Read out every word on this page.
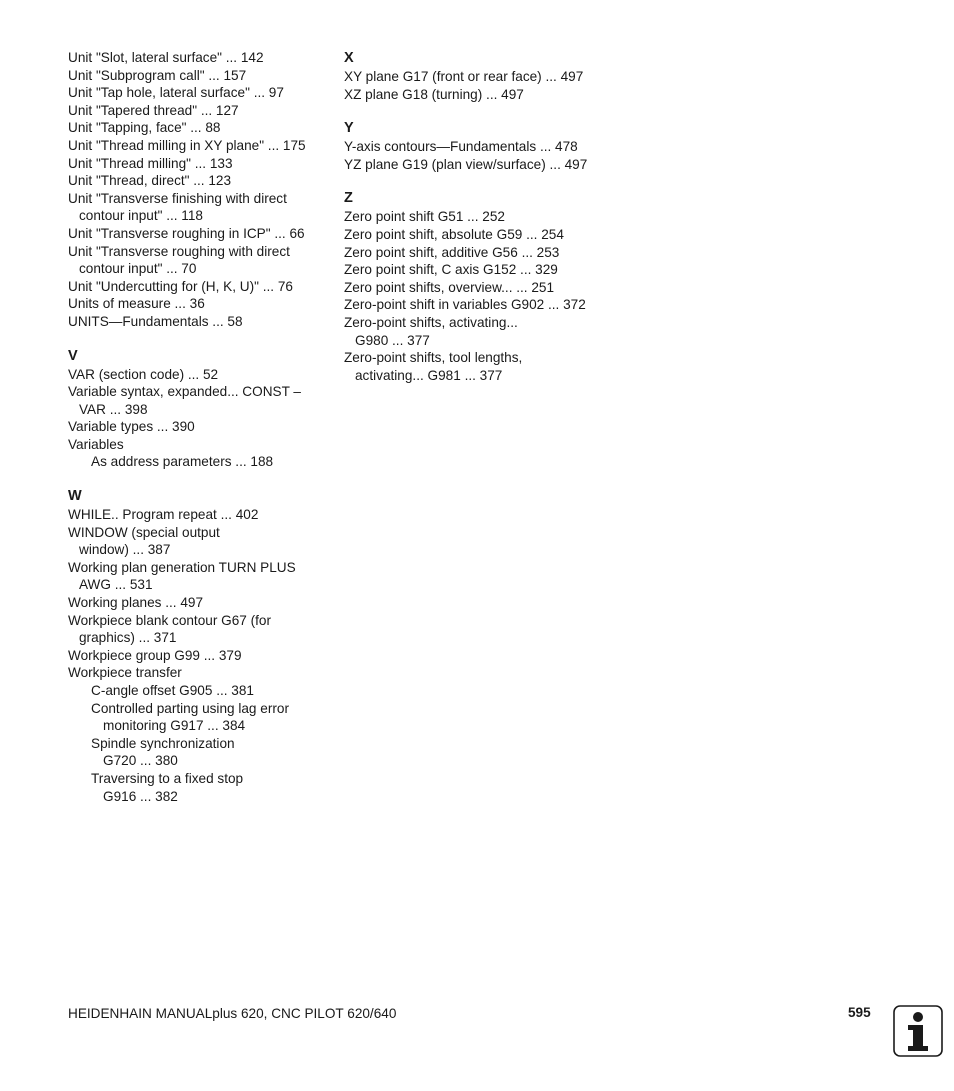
Unit "Slot, lateral surface" ... 142
Unit "Subprogram call" ... 157
Unit "Tap hole, lateral surface" ... 97
Unit "Tapered thread" ... 127
Unit "Tapping, face" ... 88
Unit "Thread milling in XY plane" ... 175
Unit "Thread milling" ... 133
Unit "Thread, direct" ... 123
Unit "Transverse finishing with direct
contour input" ... 118
Unit "Transverse roughing in ICP" ... 66
Unit "Transverse roughing with direct
contour input" ... 70
Unit "Undercutting for (H, K, U)" ... 76
Units of measure ... 36
UNITS—Fundamentals ... 58
V
VAR (section code) ... 52
Variable syntax, expanded... CONST –
VAR ... 398
Variable types ... 390
Variables
As address parameters ... 188
W
WHILE.. Program repeat ... 402
WINDOW (special output
window) ... 387
Working plan generation TURN PLUS
AWG ... 531
Working planes ... 497
Workpiece blank contour G67 (for
graphics) ... 371
Workpiece group G99 ... 379
Workpiece transfer
C-angle offset G905 ... 381
Controlled parting using lag error
monitoring G917 ... 384
Spindle synchronization
G720 ... 380
Traversing to a fixed stop
G916 ... 382
X
XY plane G17 (front or rear face) ... 497
XZ plane G18 (turning) ... 497
Y
Y-axis contours—Fundamentals ... 478
YZ plane G19 (plan view/surface) ... 497
Z
Zero point shift G51 ... 252
Zero point shift, absolute G59 ... 254
Zero point shift, additive G56 ... 253
Zero point shift, C axis G152 ... 329
Zero point shifts, overview... ... 251
Zero-point shift in variables G902 ... 372
Zero-point shifts, activating...
G980 ... 377
Zero-point shifts, tool lengths,
activating... G981 ... 377
HEIDENHAIN MANUALplus 620, CNC PILOT 620/640	595
